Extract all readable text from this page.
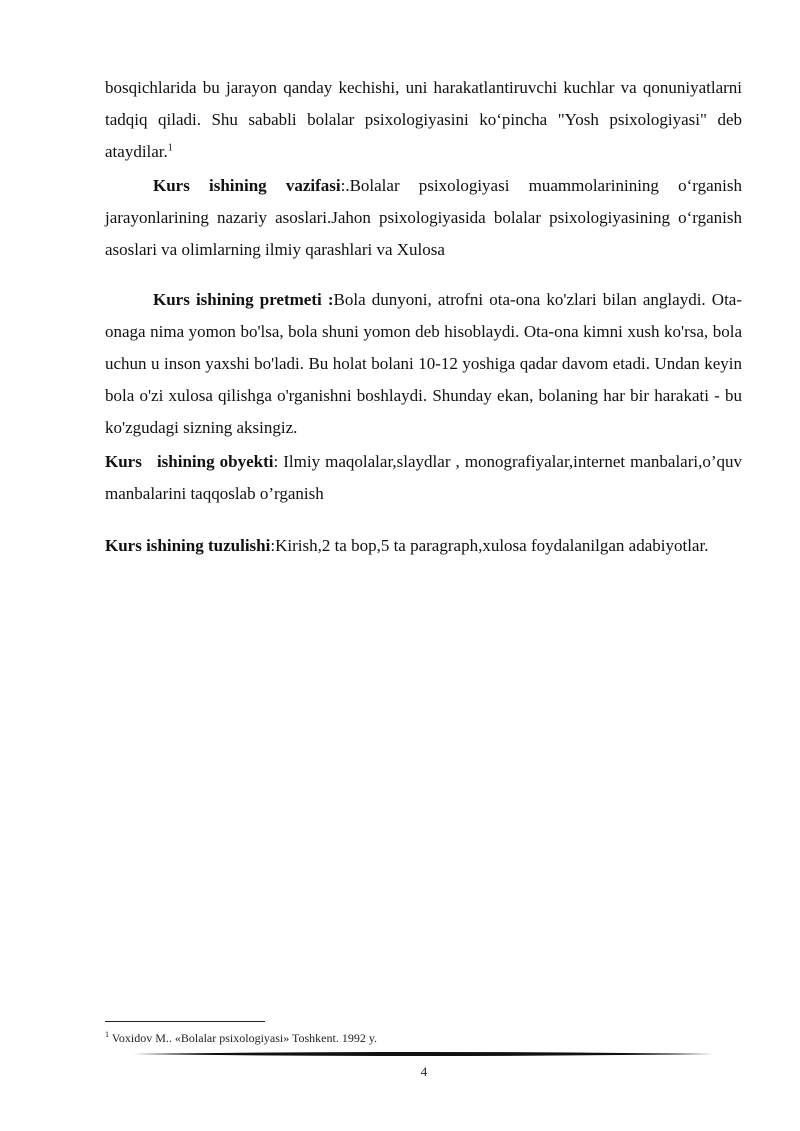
bosqichlarida bu jarayon qanday kechishi, uni harakatlantiruvchi kuchlar va qonuniyatlarni tadqiq qiladi. Shu sababli bolalar psixologiyasini ko‘pincha "Yosh psixologiyasi" deb ataydilar.$^1$

Kurs ishining vazifasi:.Bolalar psixologiyasi muammolarinining o‘rganish jarayonlarining nazariy asoslari.Jahon psixologiyasida bolalar psixologiyasining o‘rganish asoslari va olimlarning ilmiy qarashlari va Xulosa

Kurs ishining pretmeti :Bola dunyoni, atrofni ota-ona ko'zlari bilan anglaydi. Ota-onaga nima yomon bo'lsa, bola shuni yomon deb hisoblaydi. Ota-ona kimni xush ko'rsa, bola uchun u inson yaxshi bo'ladi. Bu holat bolani 10-12 yoshiga qadar davom etadi. Undan keyin bola o'zi xulosa qilishga o'rganishni boshlaydi. Shunday ekan, bolaning har bir harakati - bu ko'zgudagi sizning aksingiz.

Kurs   ishining obyekti: Ilmiy maqolalar,slaydlar , monografiyalar,internet manbalari,o’quv manbalarini taqqoslab o’rganish

Kurs ishining tuzulishi:Kirish,2 ta bop,5 ta paragraph,xulosa foydalanilgan adabiyotlar.

$^1$ Voxidov M.. «Bolalar psixologiyasi» Toshkent. 1992 y.
4
